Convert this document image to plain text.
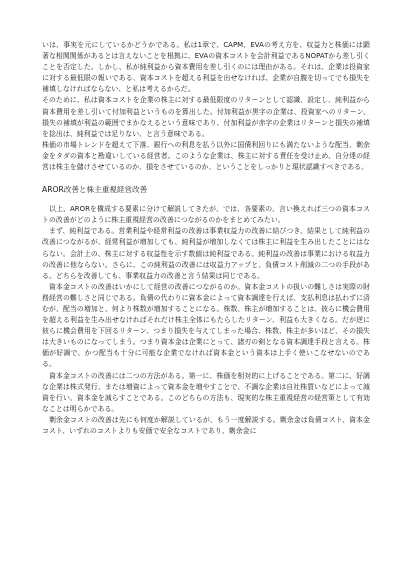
いは、事実を元にしているかどうかである。私は1章で、CAPM、EVAの考え方を、収益力と株価には顕著な相関関係があるとは言えないことを根拠に、EVAの資本コストを会計利益であるNOPATから差し引くことを否定した。しかし、私が純利益から資本費用を差し引くのには理由がある。それは、企業は投資家に対する最低限の報いである、資本コストを超える利益を出せなければ、企業が自腹を切ってでも損失を補填しなければならない、と私は考えるからだ。

そのために、私は資本コストを企業の株主に対する最低限度のリターンとして認識、設定し、純利益から資本費用を差し引いて付加利益というものを算出した。付加利益が黒字の企業は、投資家へのリターン、損失の補填が利益の範囲でまかなえるという意味であり、付加利益が赤字の企業はリターンと損失の補填を捻出は、純利益では足りない、と言う意味である。

株価の市場トレンドを超えて下落、銀行への利息を払う以外に国債利回りにも満たないような配当、剰余金をタダの資本と勘違いしている経営者。このような企業は、株主に対する責任を受け止め、自分達の経営は株主を儲けさせているのか、損をさせているのか、ということをしっかりと現状認識すべきである。

AROR改善と株主重視経営改善

　以上、ARORを構成する要素に分けて解説してきたが、では、各要素の、言い換えれば三つの資本コストの改善がどのように株主重視経営の改善につながるのかをまとめてみたい。

　まず、純利益である。営業利益や経常利益の改善は事業収益力の改善に結びつき、結果として純利益の改善につながるが、経常利益が増加しても、純利益が増加しなくては株主に利益を生み出したことにはならない。会計上の、株主に対する収益性を示す数値は純利益である。純利益の改善は事業における収益力の改善に他ならない。さらに、この純利益の改善には収益力アップと、負債コスト削減の二つの手段がある。どちらを改善しても、事業収益力の改善と言う結果は同じである。

　資本金コストの改善はいかにして経営の改善につながるのか。資本金コストの扱いの難しさは実際の財務経営の難しさと同じである。負債の代わりに資本金によって資本調達を行えば、支払利息は払わずに済むが、配当の増加と、何より株数が増加することになる。株数、株主が増加することは、彼らに機会費用を超える利益を生み出せなければそれだけ株主全体にもたらしたリターン、利益も大きくなる。だが逆に彼らに機会費用を下回るリターン、つまり損失を与えてしまった場合、株数、株主が多いほど、その損失は大きいものになってしまう。つまり資本金は企業にとって、諸刃の剣となる資本調達手段と言える。株価が好調で、かつ配当も十分に可能な企業でなければ資本金という資本は上手く使いこなせないのである。

　資本金コストの改善には二つの方法がある。第一に、株価を相対的に上げることである。第二に、好調な企業は株式発行、または増資によって資本金を増やすことで、不調な企業は自社株買いなどによって減資を行い、資本金を減らすことである。このどちらの方法も、現実的な株主重視経営の経営策として有効なことは明らかである。

　剰余金コストの改善は先にも何度か解説しているが、もう一度解説する。剰余金は負債コスト、資本金コスト、いずれのコストよりも安価で安全なコストであり、剰余金に
